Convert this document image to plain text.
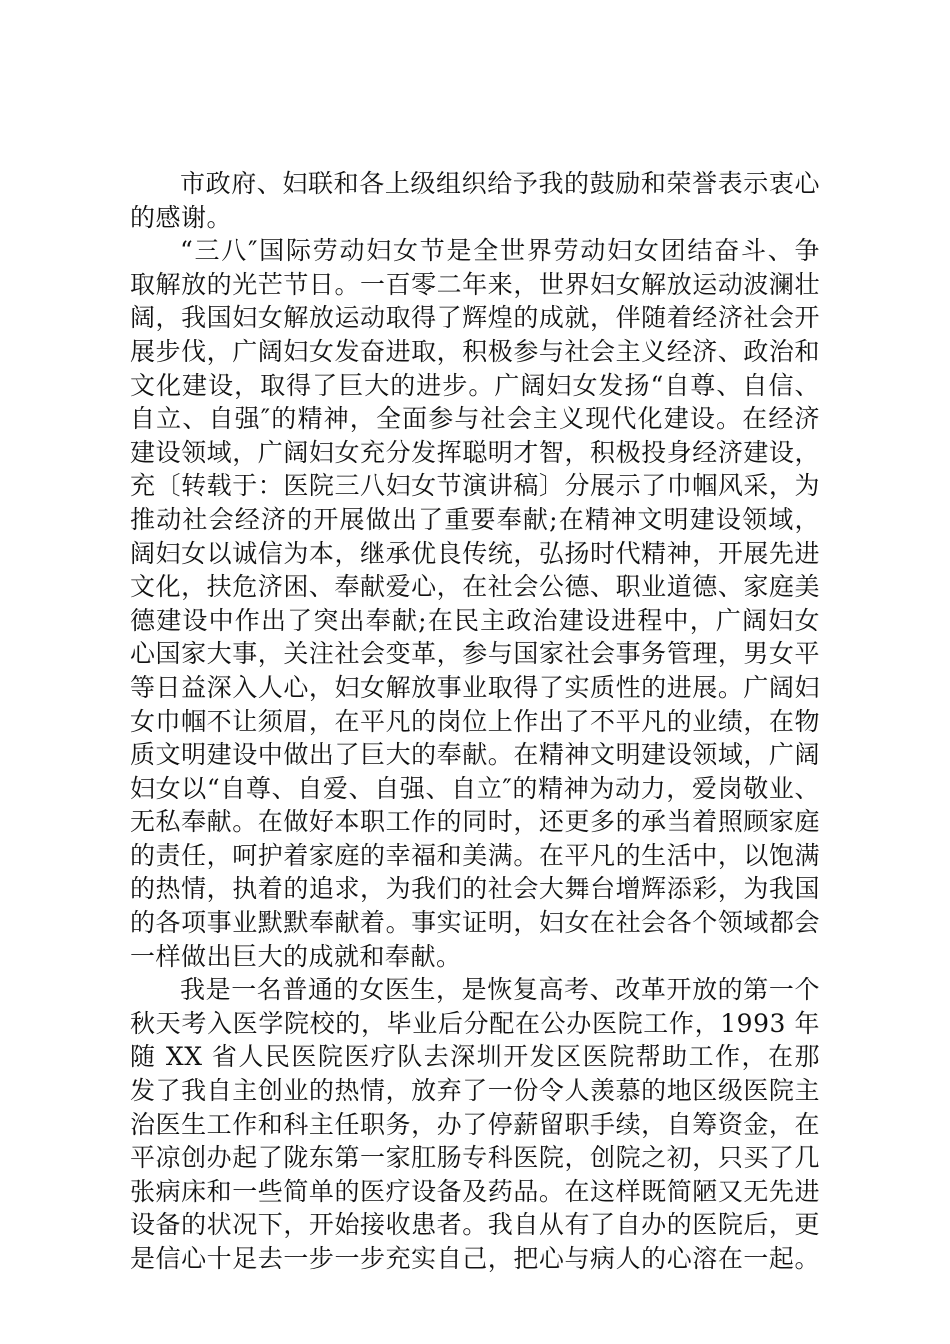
市政府、妇联和各上级组织给予我的鼓励和荣誉表示衷心
的感谢。
“三八″国际劳动妇女节是全世界劳动妇女团结奋斗、争
取解放的光芒节日。一百零二年来，世界妇女解放运动波澜壮
阔，我国妇女解放运动取得了辉煌的成就，伴随着经济社会开
展步伐，广阔妇女发奋进取，积极参与社会主义经济、政治和
文化建设，取得了巨大的进步。广阔妇女发扬“自尊、自信、
自立、自强″的精神，全面参与社会主义现代化建设。在经济
建设领域，广阔妇女充分发挥聪明才智，积极投身经济建设，
充〔转载于：医院三八妇女节演讲稿〕分展示了巾帼风采，为
推动社会经济的开展做出了重要奉献;在精神文明建设领域，
阔妇女以诚信为本，继承优良传统，弘扬时代精神，开展先进
文化，扶危济困、奉献爱心，在社会公德、职业道德、家庭美
德建设中作出了突出奉献;在民主政治建设进程中，广阔妇女
心国家大事，关注社会变革，参与国家社会事务管理，男女平
等日益深入人心，妇女解放事业取得了实质性的进展。广阔妇
女巾帼不让须眉，在平凡的岗位上作出了不平凡的业绩，在物
质文明建设中做出了巨大的奉献。在精神文明建设领域，广阔
妇女以“自尊、自爱、自强、自立″的精神为动力，爱岗敬业、
无私奉献。在做好本职工作的同时，还更多的承当着照顾家庭
的责任，呵护着家庭的幸福和美满。在平凡的生活中，以饱满
的热情，执着的追求，为我们的社会大舞台增辉添彩，为我国
的各项事业默默奉献着。事实证明，妇女在社会各个领域都会
一样做出巨大的成就和奉献。
我是一名普通的女医生，是恢复高考、改革开放的第一个
秋天考入医学院校的，毕业后分配在公办医院工作，1993 年
随 XX 省人民医院医疗队去深圳开发区医院帮助工作，在那
发了我自主创业的热情，放弃了一份令人羡慕的地区级医院主
治医生工作和科主任职务，办了停薪留职手续，自筹资金，在
平凉创办起了陇东第一家肛肠专科医院，创院之初，只买了几
张病床和一些简单的医疗设备及药品。在这样既简陋又无先进
设备的状况下，开始接收患者。我自从有了自办的医院后，更
是信心十足去一步一步充实自己，把心与病人的心溶在一起。
